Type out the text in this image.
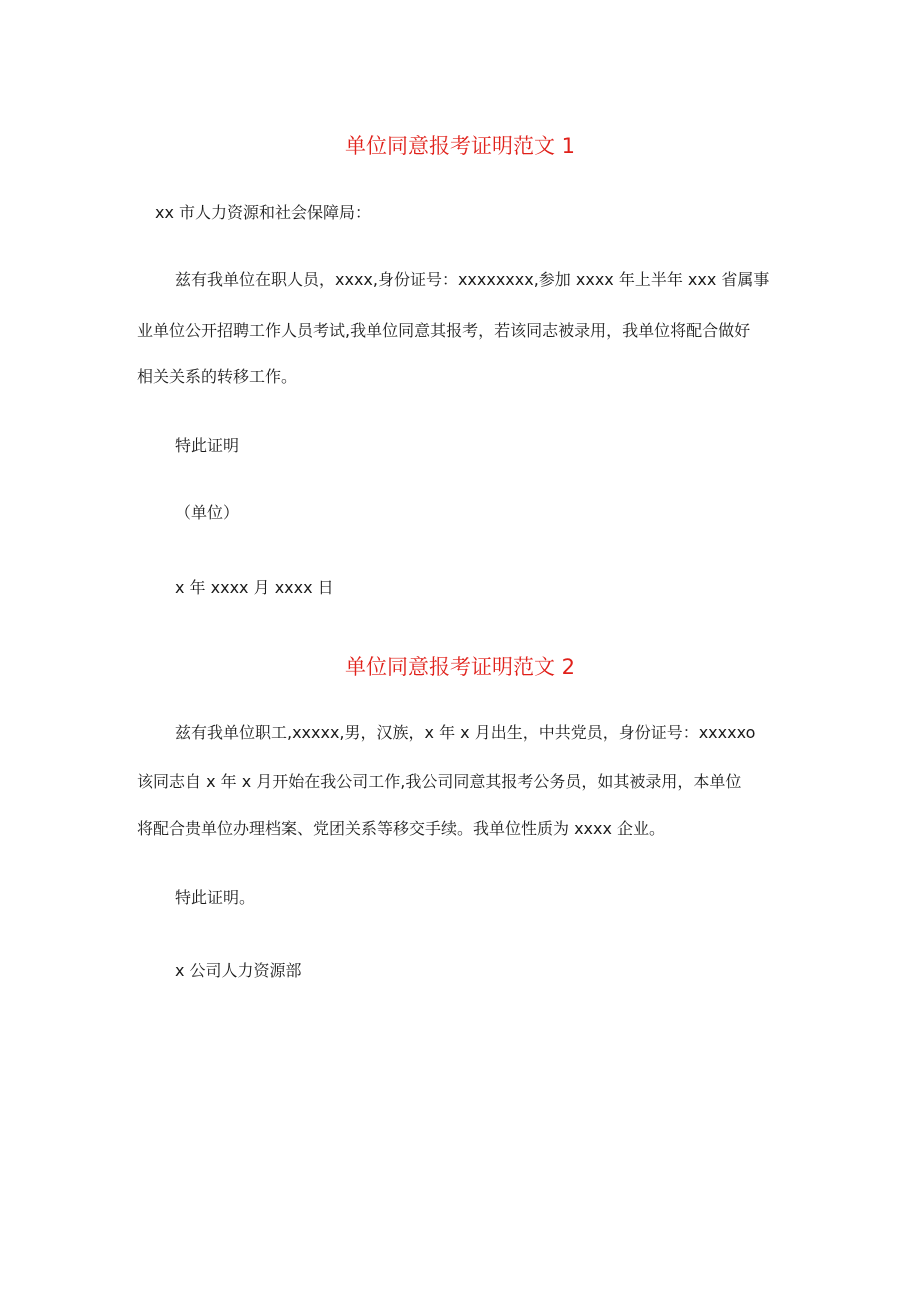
单位同意报考证明范文 1
xx 市人力资源和社会保障局：
兹有我单位在职人员，xxxx,身份证号：xxxxxxxx,参加 xxxx 年上半年 xxx 省属事
业单位公开招聘工作人员考试,我单位同意其报考，若该同志被录用，我单位将配合做好
相关关系的转移工作。
特此证明
（单位）
x 年 xxxx 月 xxxx 日
单位同意报考证明范文 2
兹有我单位职工,xxxxx,男，汉族，x 年 x 月出生，中共党员，身份证号：xxxxxo
该同志自 x 年 x 月开始在我公司工作,我公司同意其报考公务员，如其被录用，本单位
将配合贵单位办理档案、党团关系等移交手续。我单位性质为 xxxx 企业。
特此证明。
x 公司人力资源部
